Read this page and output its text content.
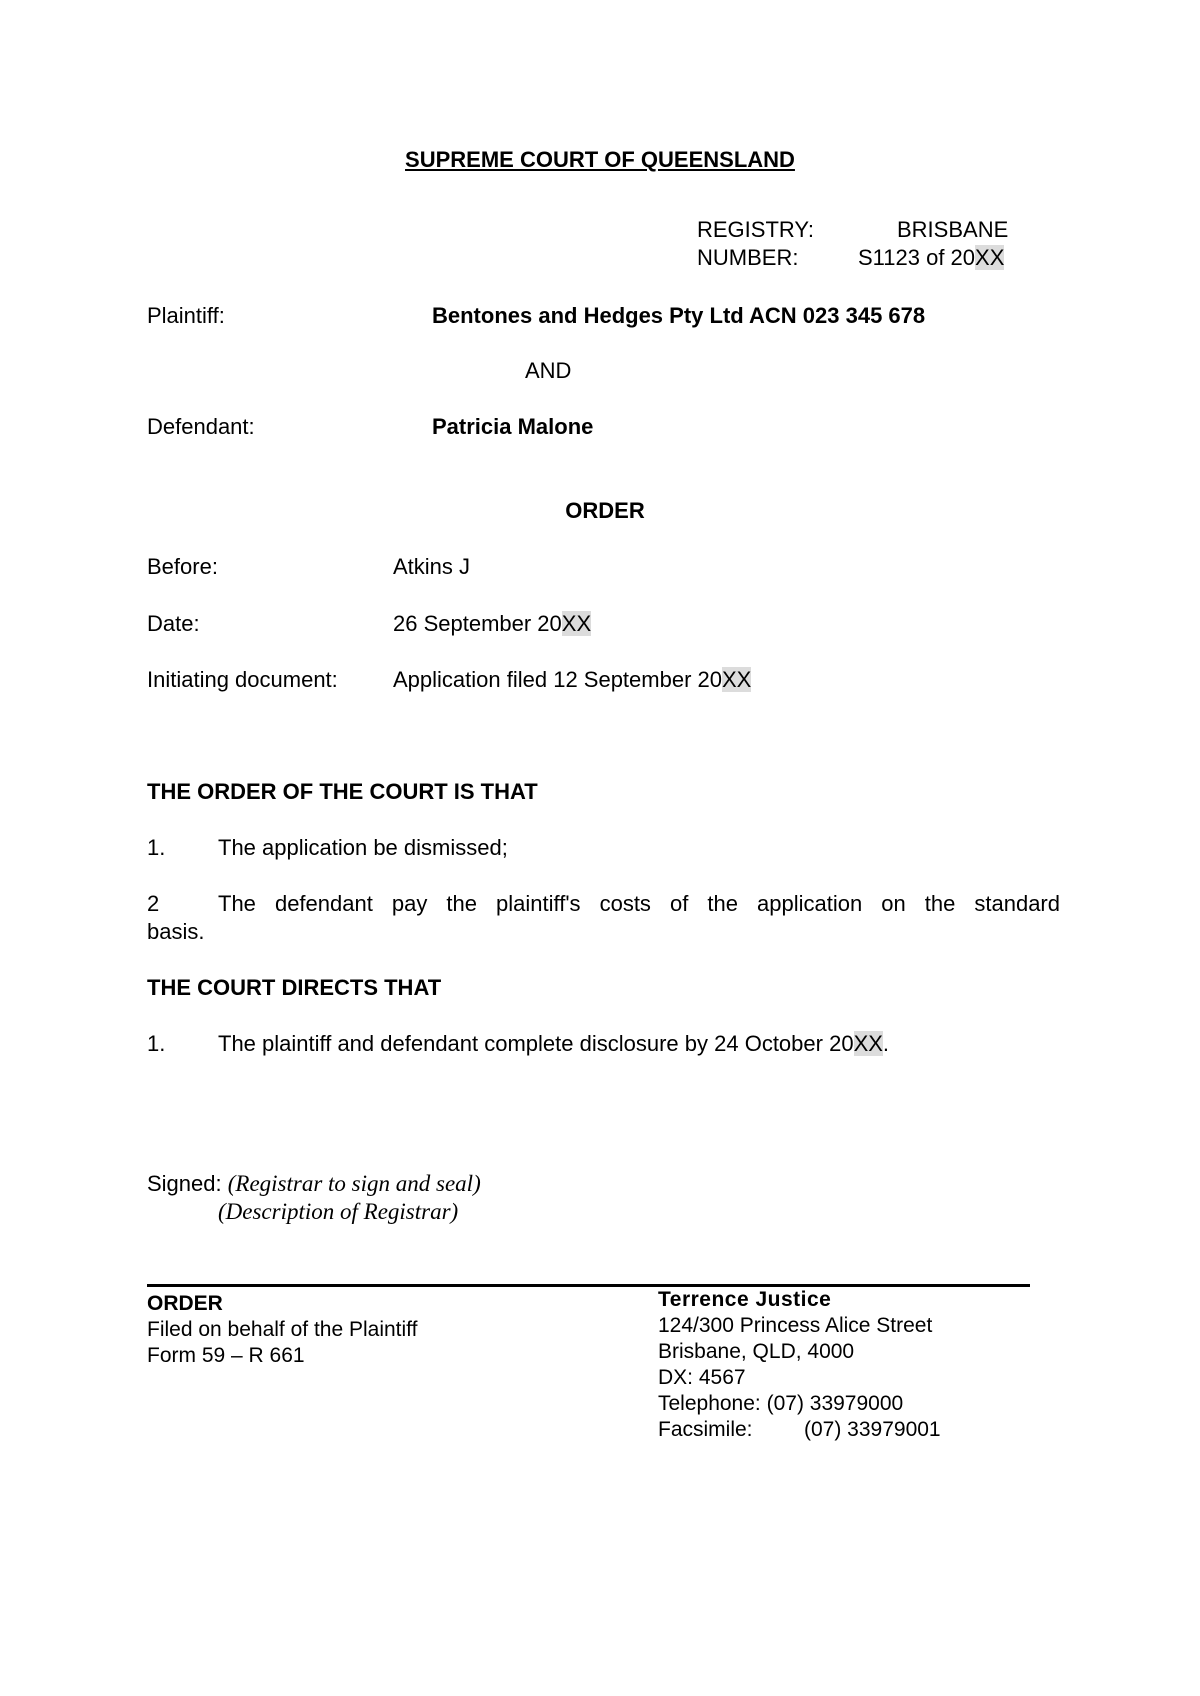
SUPREME COURT OF QUEENSLAND
REGISTRY:	BRISBANE
NUMBER:	S1123 of 20XX
Plaintiff:	Bentones and Hedges Pty Ltd ACN 023 345 678
AND
Defendant:	Patricia Malone
ORDER
Before:	Atkins J
Date:	26 September 20XX
Initiating document:	Application filed 12 September 20XX
THE ORDER OF THE COURT IS THAT
1. The application be dismissed;
2	The defendant pay the plaintiff's costs of the application on the standard
basis.
THE COURT DIRECTS THAT
1. The plaintiff and defendant complete disclosure by 24 October 20XX.
Signed: (Registrar to sign and seal)
(Description of Registrar)
ORDER
Filed on behalf of the Plaintiff
Form 59 – R 661
Terrence Justice
124/300 Princess Alice Street
Brisbane, QLD, 4000
DX: 4567
Telephone: (07) 33979000
Facsimile: (07) 33979001
